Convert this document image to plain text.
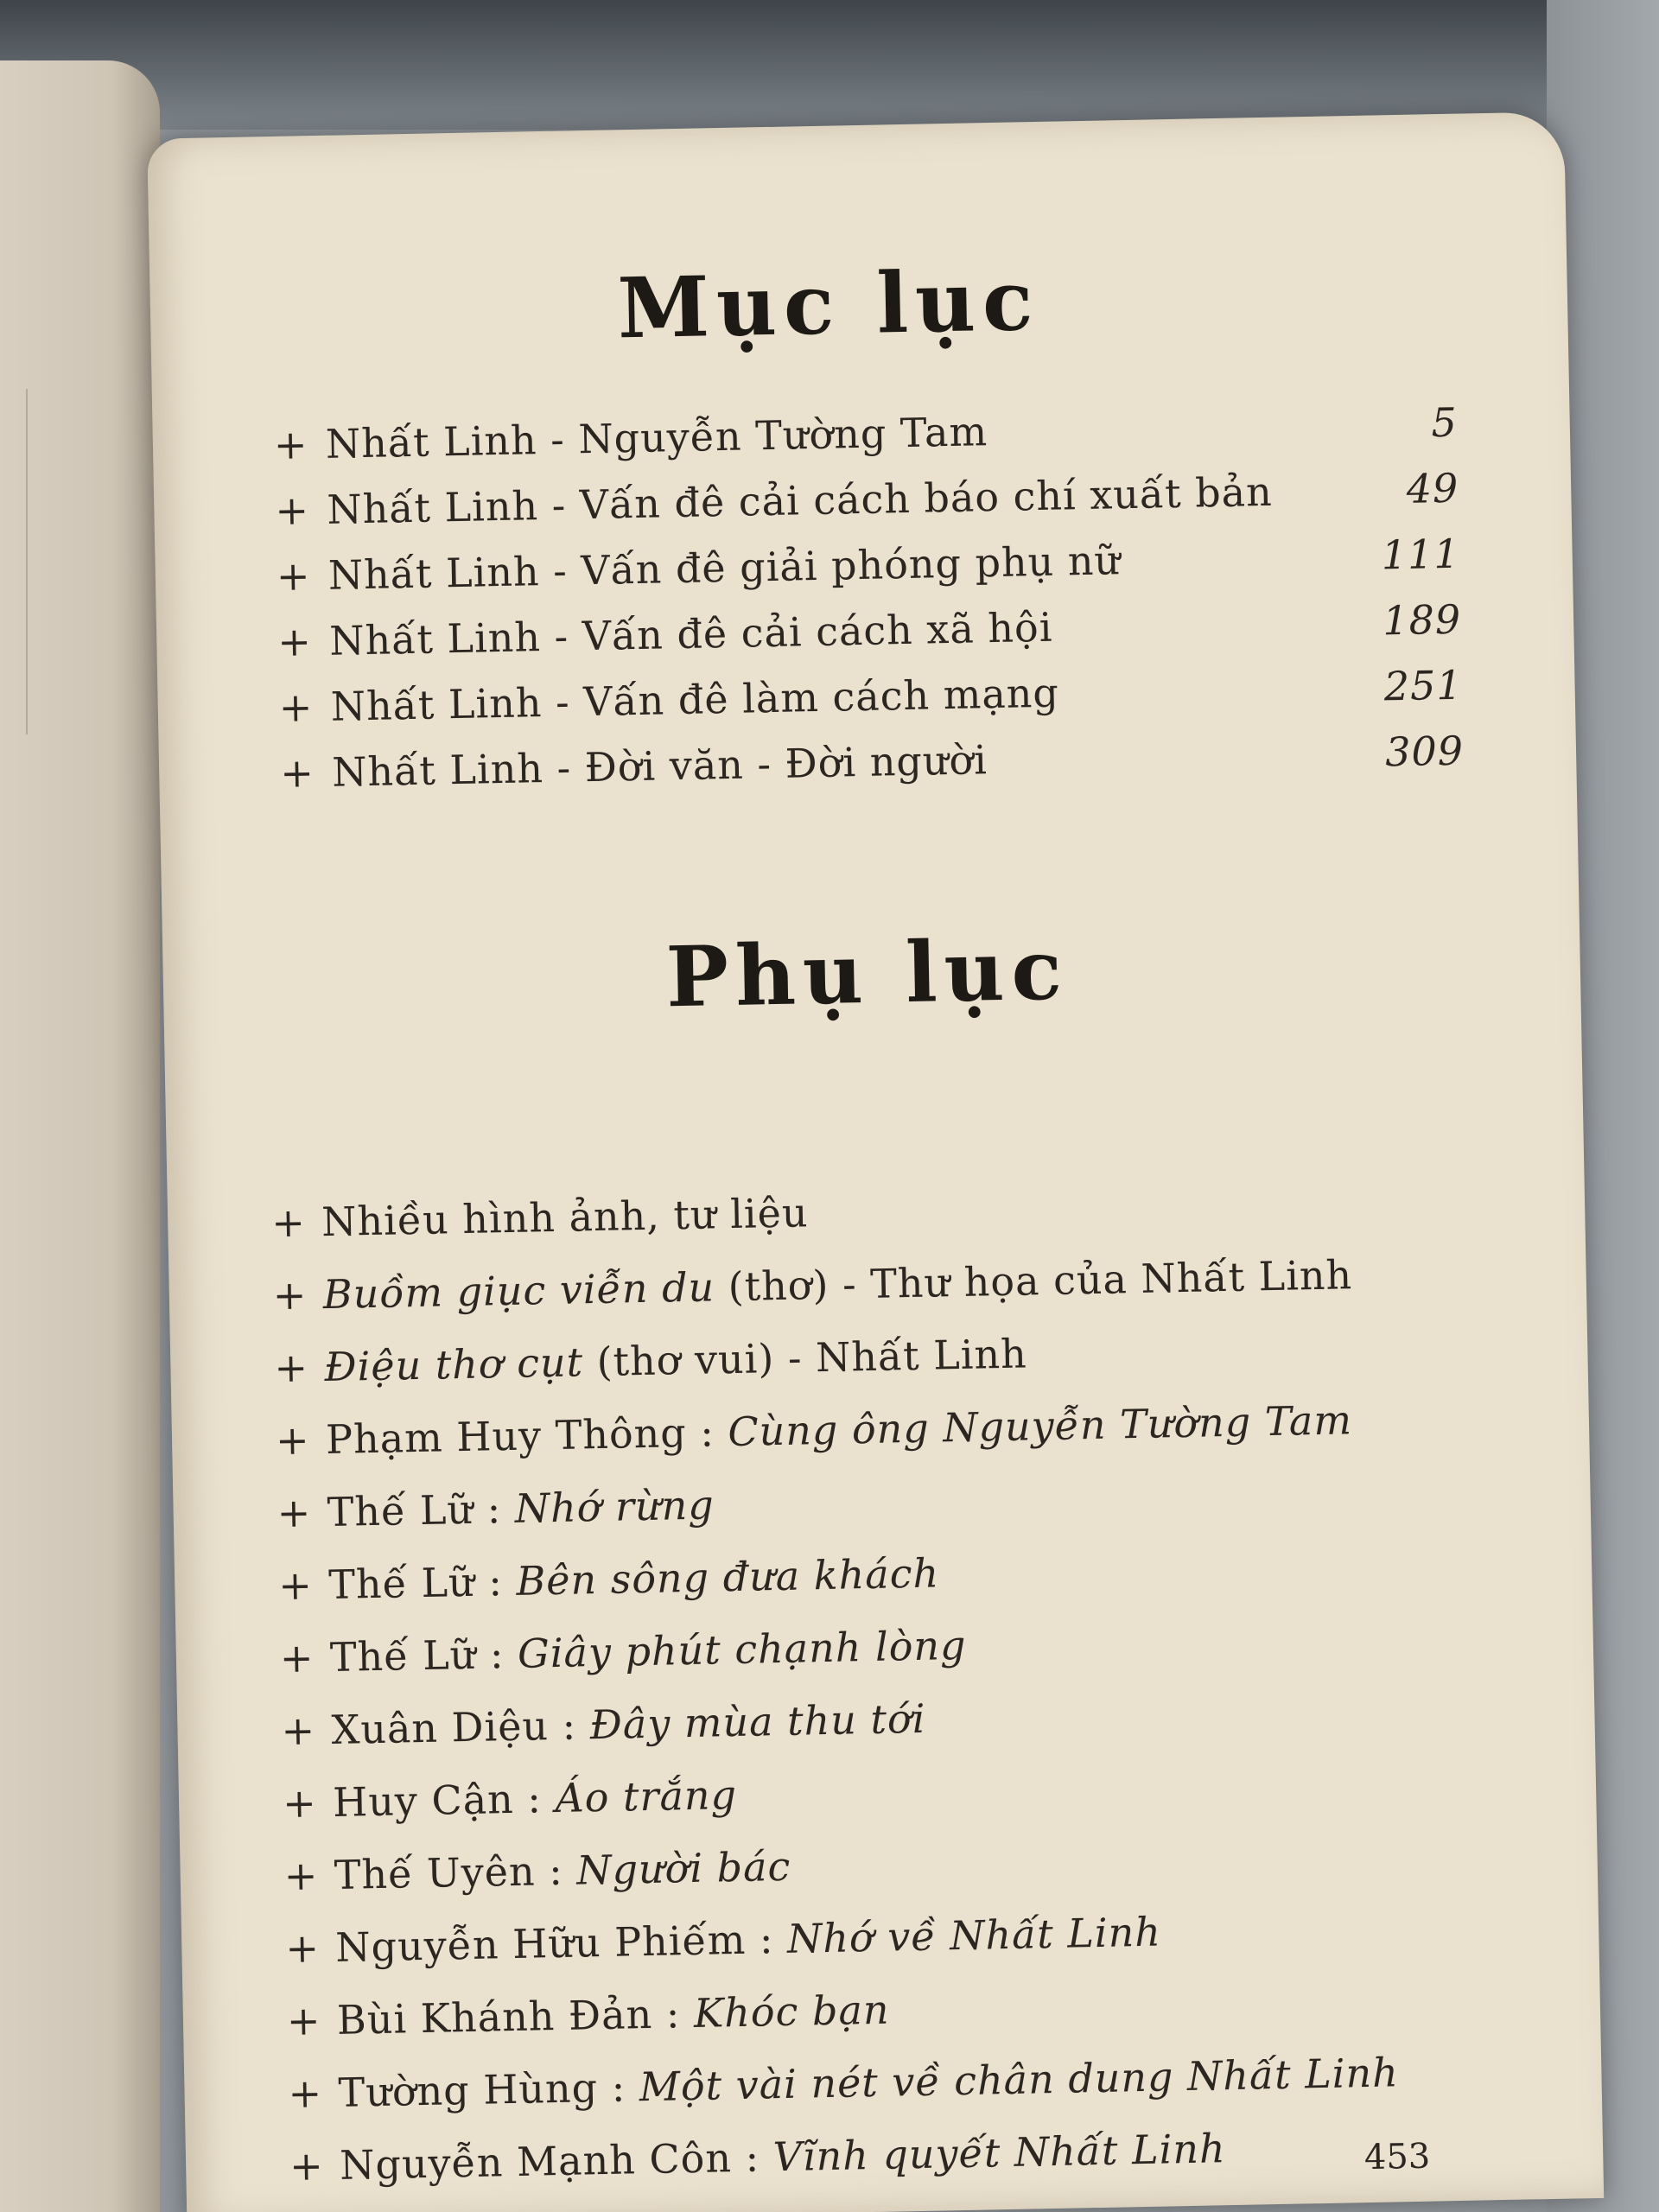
Mục lục
+ Nhất Linh - Nguyễn Tường Tam	5
+ Nhất Linh - Vấn đê cải cách báo chí xuất bản	49
+ Nhất Linh - Vấn đê giải phóng phụ nữ	111
+ Nhất Linh - Vấn đê cải cách xã hội	189
+ Nhất Linh - Vấn đê làm cách mạng	251
+ Nhất Linh - Đời văn - Đời người	309
Phụ lục
+ Nhiều hình ảnh, tư liệu
+ Buồm giục viễn du
(thơ) - Thư họa của Nhất Linh
+ Điệu thơ cụt
(thơ vui) - Nhất Linh
+ Phạm Huy Thông :
Cùng ông Nguyễn Tường Tam
+ Thế Lữ :
Nhớ rừng
+ Thế Lữ :
Bên sông đưa khách
+ Thế Lữ :
Giây phút chạnh lòng
+ Xuân Diệu :
Đây mùa thu tới
+ Huy Cận :
Áo trắng
+ Thế Uyên :
Người bác
+ Nguyễn Hữu Phiếm :
Nhớ về Nhất Linh
+ Bùi Khánh Đản :
Khóc bạn
+ Tường Hùng :
Một vài nét về chân dung Nhất Linh
+ Nguyễn Mạnh Côn :
Vĩnh quyết Nhất Linh	453
